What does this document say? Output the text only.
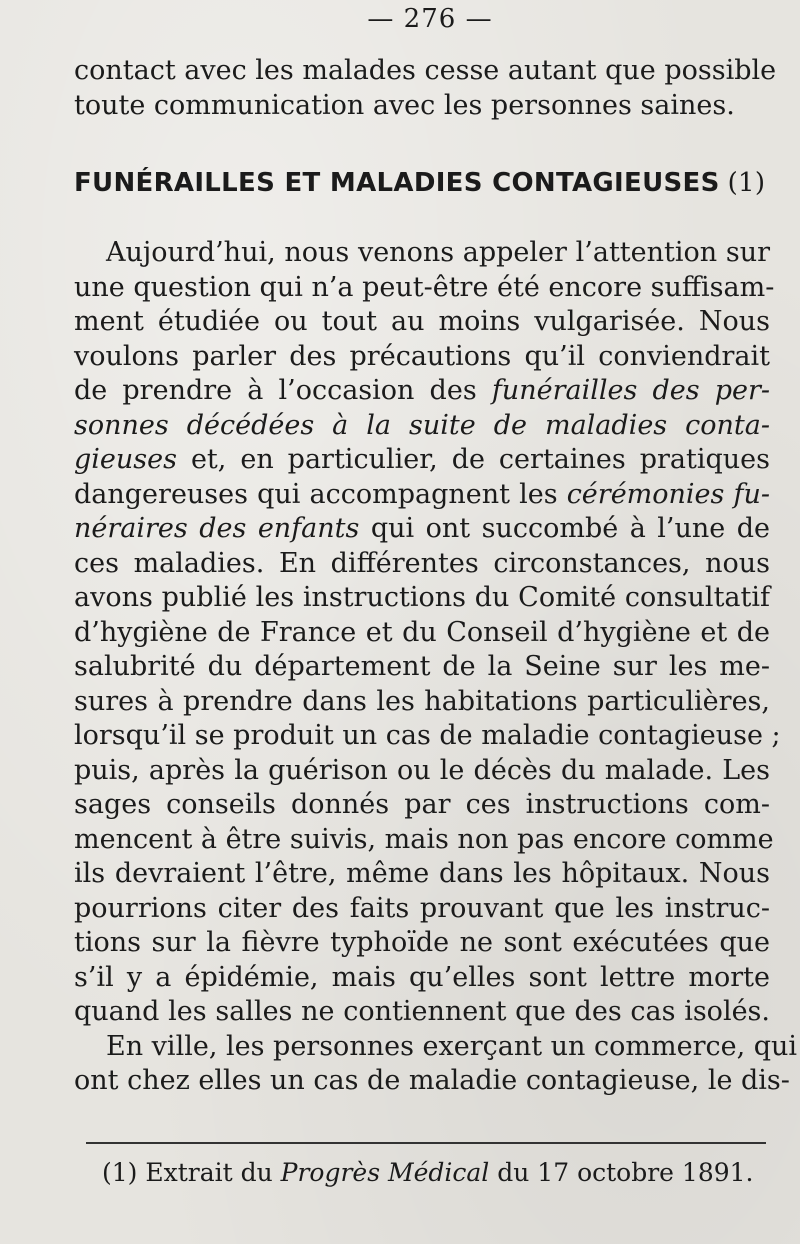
— 276 —
contact avec les malades cesse autant que possible
toute communication avec les personnes saines.
FUNÉRAILLES ET MALADIES CONTAGIEUSES (1)
Aujourd’hui, nous venons appeler l’attention sur
une question qui n’a peut-être été encore suffisam-
ment étudiée ou tout au moins vulgarisée. Nous
voulons parler des précautions qu’il conviendrait
de prendre à l’occasion des funérailles des per-
sonnes décédées à la suite de maladies conta-
gieuses et, en particulier, de certaines pratiques
dangereuses qui accompagnent les cérémonies fu-
néraires des enfants qui ont succombé à l’une de
ces maladies. En différentes circonstances, nous
avons publié les instructions du Comité consultatif
d’hygiène de France et du Conseil d’hygiène et de
salubrité du département de la Seine sur les me-
sures à prendre dans les habitations particulières,
lorsqu’il se produit un cas de maladie contagieuse ;
puis, après la guérison ou le décès du malade. Les
sages conseils donnés par ces instructions com-
mencent à être suivis, mais non pas encore comme
ils devraient l’être, même dans les hôpitaux. Nous
pourrions citer des faits prouvant que les instruc-
tions sur la fièvre typhoïde ne sont exécutées que
s’il y a épidémie, mais qu’elles sont lettre morte
quand les salles ne contiennent que des cas isolés.
En ville, les personnes exerçant un commerce, qui
ont chez elles un cas de maladie contagieuse, le dis-
(1) Extrait du Progrès Médical du 17 octobre 1891.
